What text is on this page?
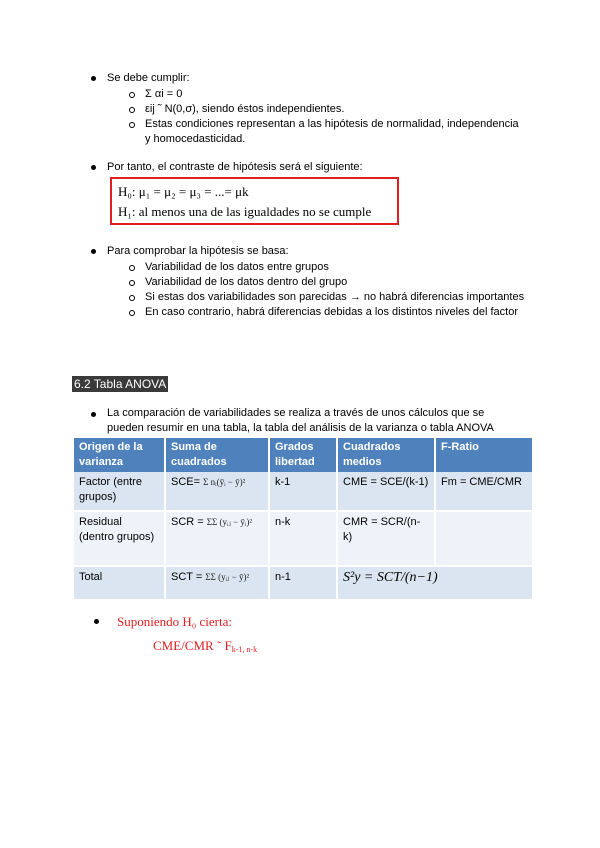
Se debe cumplir:
Σ αi = 0
εij ˜ N(0,σ), siendo éstos independientes.
Estas condiciones representan a las hipótesis de normalidad, independencia
y homocedasticidad.
Por tanto, el contraste de hipótesis será el siguiente:
H₀: μ₁ = μ₂ = μ₃ = ...= μk
H₁: al menos una de las igualdades no se cumple
Para comprobar la hipótesis se basa:
Variabilidad de los datos entre grupos
Variabilidad de los datos dentro del grupo
Si estas dos variabilidades son parecidas → no habrá diferencias importantes
En caso contrario, habrá diferencias debidas a los distintos niveles del factor
6.2 Tabla ANOVA
La comparación de variabilidades se realiza a través de unos cálculos que se
pueden resumir en una tabla, la tabla del análisis de la varianza o tabla ANOVA
Origen de la varianza	Suma de cuadrados	Grados libertad	Cuadrados medios	F-Ratio
Factor (entre grupos)	SCE= Σ nᵢ(ȳᵢ − ȳ)²	k-1	CME = SCE/(k-1)	Fm = CME/CMR
Residual (dentro grupos)	SCR = ΣΣ (yᵢⱼ − ȳᵢ)²	n-k	CMR = SCR/(n-k)	
Total	SCT = ΣΣ (yᵢⱼ − ȳ)²	n-1	S²y = SCT/(n−1)	
Suponiendo H₀ cierta:
CME/CMR ˜ Fk-1, n-k
